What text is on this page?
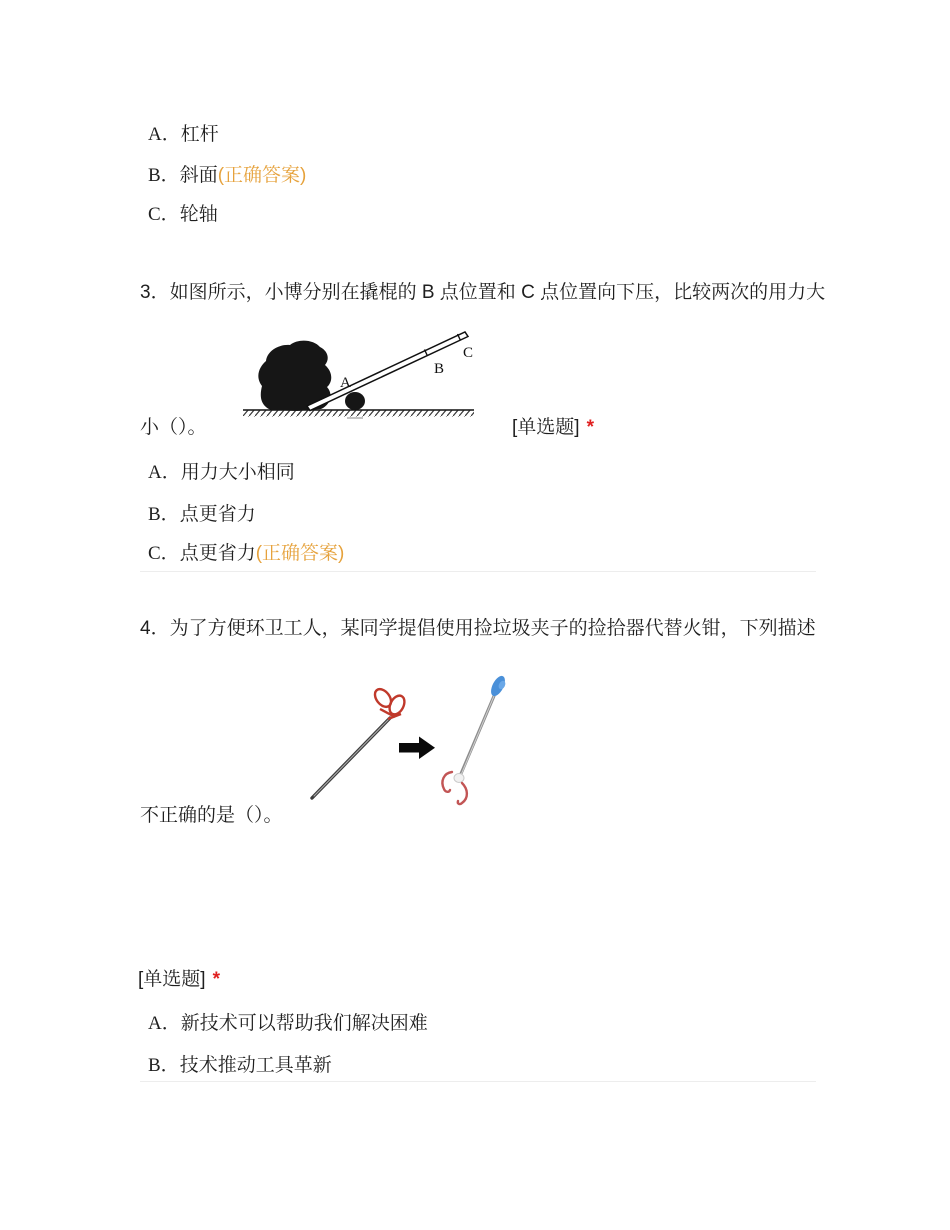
A．杠杆
B．斜面(正确答案)
C．轮轴
3．如图所示，小博分别在撬棍的 B 点位置和 C 点位置向下压，比较两次的用力大
A
B
C
小（）。	[单选题] *
A．用力大小相同
B．点更省力
C．点更省力(正确答案)
4．为了方便环卫工人，某同学提倡使用捡垃圾夹子的捡拾器代替火钳，下列描述
不正确的是（）。
[单选题] *
A．新技术可以帮助我们解决困难
B．技术推动工具革新
